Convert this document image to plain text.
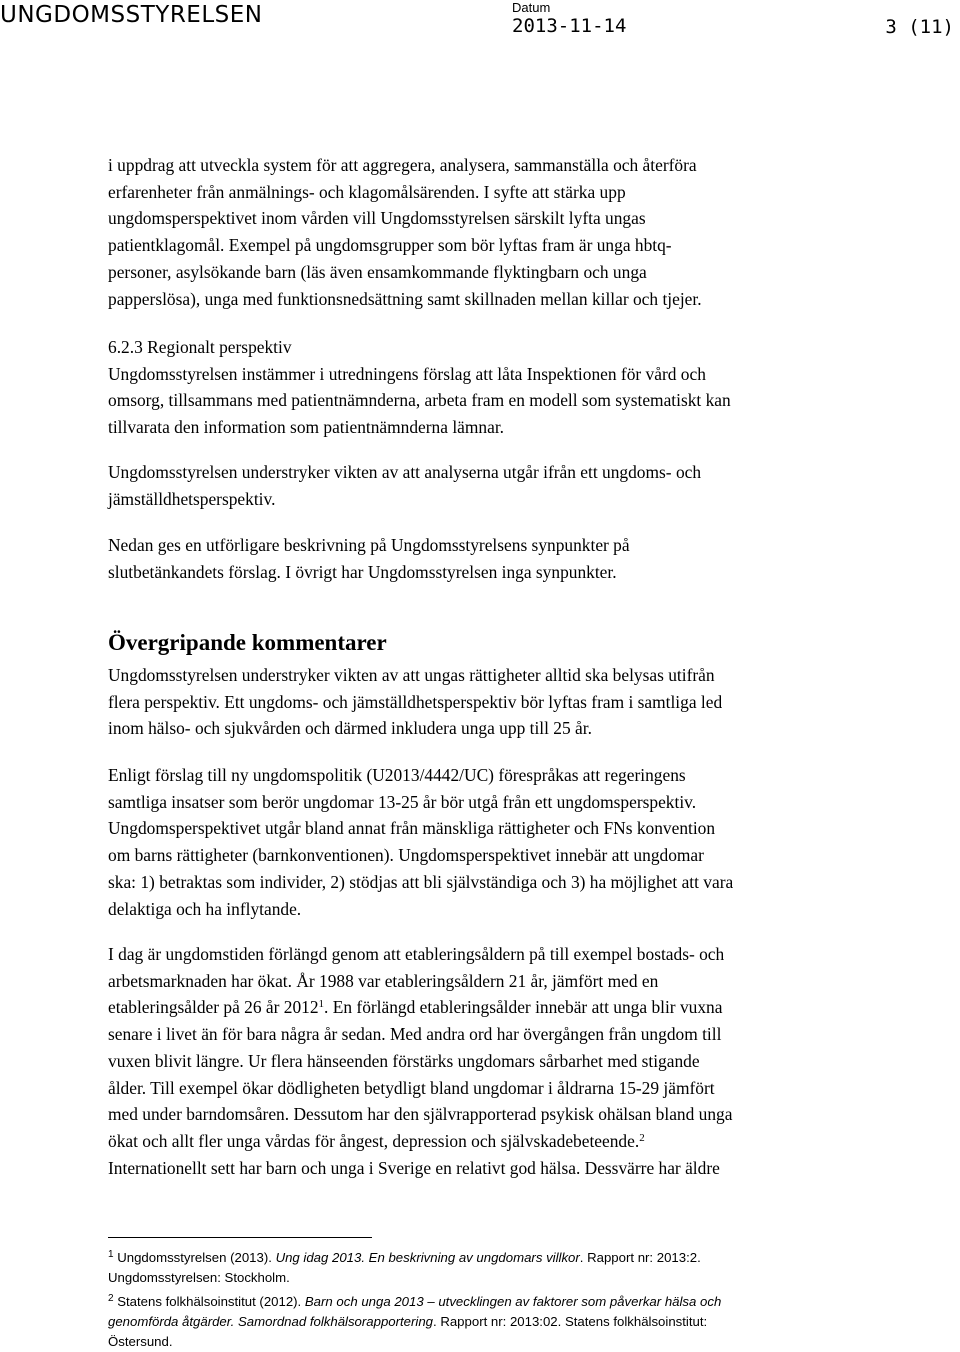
UNGDOMSSTYRELSEN	Datum
2013-11-14	3 (11)

i uppdrag att utveckla system för att aggregera, analysera, sammanställa och återföra

erfarenheter från anmälnings- och klagomålsärenden. I syfte att stärka upp

ungdomsperspektivet inom vården vill Ungdomsstyrelsen särskilt lyfta ungas

patientklagomål. Exempel på ungdomsgrupper som bör lyftas fram är unga hbtq-

personer, asylsökande barn (läs även ensamkommande flyktingbarn och unga

papperslösa), unga med funktionsnedsättning samt skillnaden mellan killar och tjejer.

6.2.3 Regionalt perspektiv

Ungdomsstyrelsen instämmer i utredningens förslag att låta Inspektionen för vård och

omsorg, tillsammans med patientnämnderna, arbeta fram en modell som systematiskt kan

tillvarata den information som patientnämnderna lämnar.

Ungdomsstyrelsen understryker vikten av att analyserna utgår ifrån ett ungdoms- och

jämställdhetsperspektiv.

Nedan ges en utförligare beskrivning på Ungdomsstyrelsens synpunkter på

slutbetänkandets förslag. I övrigt har Ungdomsstyrelsen inga synpunkter.

Övergripande kommentarer

Ungdomsstyrelsen understryker vikten av att ungas rättigheter alltid ska belysas utifrån

flera perspektiv. Ett ungdoms- och jämställdhetsperspektiv bör lyftas fram i samtliga led

inom hälso- och sjukvården och därmed inkludera unga upp till 25 år.

Enligt förslag till ny ungdomspolitik (U2013/4442/UC) förespråkas att regeringens

samtliga insatser som berör ungdomar 13-25 år bör utgå från ett ungdomsperspektiv.

Ungdomsperspektivet utgår bland annat från mänskliga rättigheter och FNs konvention

om barns rättigheter (barnkonventionen). Ungdomsperspektivet innebär att ungdomar

ska: 1) betraktas som individer, 2) stödjas att bli självständiga och 3) ha möjlighet att vara

delaktiga och ha inflytande.

I dag är ungdomstiden förlängd genom att etableringsåldern på till exempel bostads- och

arbetsmarknaden har ökat. År 1988 var etableringsåldern 21 år, jämfört med en

etableringsålder på 26 år 2012$^1$. En förlängd etableringsålder innebär att unga blir vuxna

senare i livet än för bara några år sedan. Med andra ord har övergången från ungdom till

vuxen blivit längre. Ur flera hänseenden förstärks ungdomars sårbarhet med stigande

ålder. Till exempel ökar dödligheten betydligt bland ungdomar i åldrarna 15-29 jämfört

med under barndomsåren. Dessutom har den självrapporterad psykisk ohälsan bland unga

ökat och allt fler unga vårdas för ångest, depression och självskadebeteende.$^2$

Internationellt sett har barn och unga i Sverige en relativt god hälsa. Dessvärre har äldre

$^1$ Ungdomsstyrelsen (2013). Ung idag 2013. En beskrivning av ungdomars villkor. Rapport nr: 2013:2.
Ungdomsstyrelsen: Stockholm.
$^2$ Statens folkhälsoinstitut (2012). Barn och unga 2013 – utvecklingen av faktorer som påverkar hälsa och
genomförda åtgärder. Samordnad folkhälsorapportering. Rapport nr: 2013:02. Statens folkhälsoinstitut:
Östersund.
